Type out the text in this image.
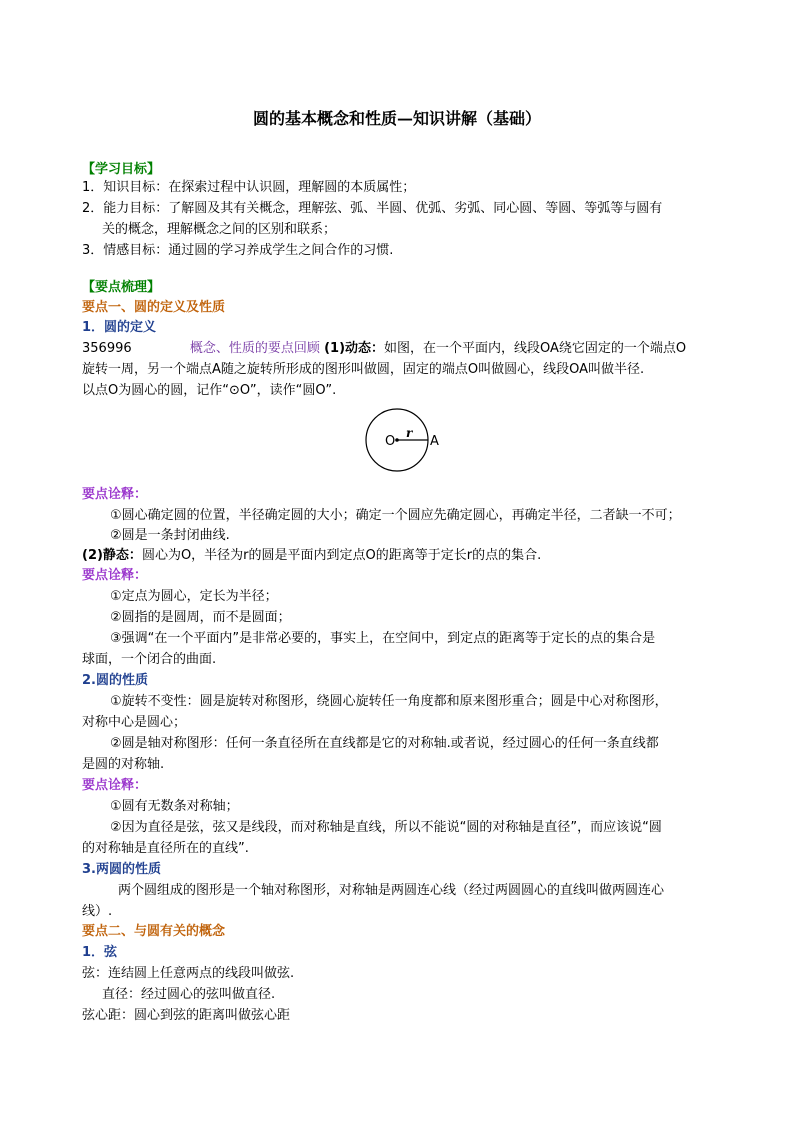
圆的基本概念和性质—知识讲解（基础）
【学习目标】
1．知识目标：在探索过程中认识圆，理解圆的本质属性；
2．能力目标：了解圆及其有关概念，理解弦、弧、半圆、优弧、劣弧、同心圆、等圆、等弧等与圆有
关的概念，理解概念之间的区别和联系；
3．情感目标：通过圆的学习养成学生之间合作的习惯.
【要点梳理】
要点一、圆的定义及性质
1．圆的定义
356996	概念、性质的要点回顾 (1)动态：如图，在一个平面内，线段OA绕它固定的一个端点O
旋转一周，另一个端点A随之旋转所形成的图形叫做圆，固定的端点O叫做圆心，线段OA叫做半径.
以点O为圆心的圆，记作“⊙O”，读作“圆O”.
O	A
r
要点诠释：
①圆心确定圆的位置，半径确定圆的大小；确定一个圆应先确定圆心，再确定半径，二者缺一不可；
②圆是一条封闭曲线.
(2)静态：圆心为O，半径为r的圆是平面内到定点O的距离等于定长r的点的集合.
要点诠释：
①定点为圆心，定长为半径；
②圆指的是圆周，而不是圆面；
③强调“在一个平面内”是非常必要的，事实上，在空间中，到定点的距离等于定长的点的集合是
球面，一个闭合的曲面.
2.圆的性质
①旋转不变性：圆是旋转对称图形，绕圆心旋转任一角度都和原来图形重合；圆是中心对称图形，
对称中心是圆心；
②圆是轴对称图形：任何一条直径所在直线都是它的对称轴.或者说，经过圆心的任何一条直线都
是圆的对称轴.
要点诠释：
①圆有无数条对称轴；
②因为直径是弦，弦又是线段，而对称轴是直线，所以不能说“圆的对称轴是直径”，而应该说“圆
的对称轴是直径所在的直线”.
3.两圆的性质
两个圆组成的图形是一个轴对称图形，对称轴是两圆连心线（经过两圆圆心的直线叫做两圆连心
线）.
要点二、与圆有关的概念
1．弦
弦：连结圆上任意两点的线段叫做弦.
直径：经过圆心的弦叫做直径.
弦心距：圆心到弦的距离叫做弦心距
